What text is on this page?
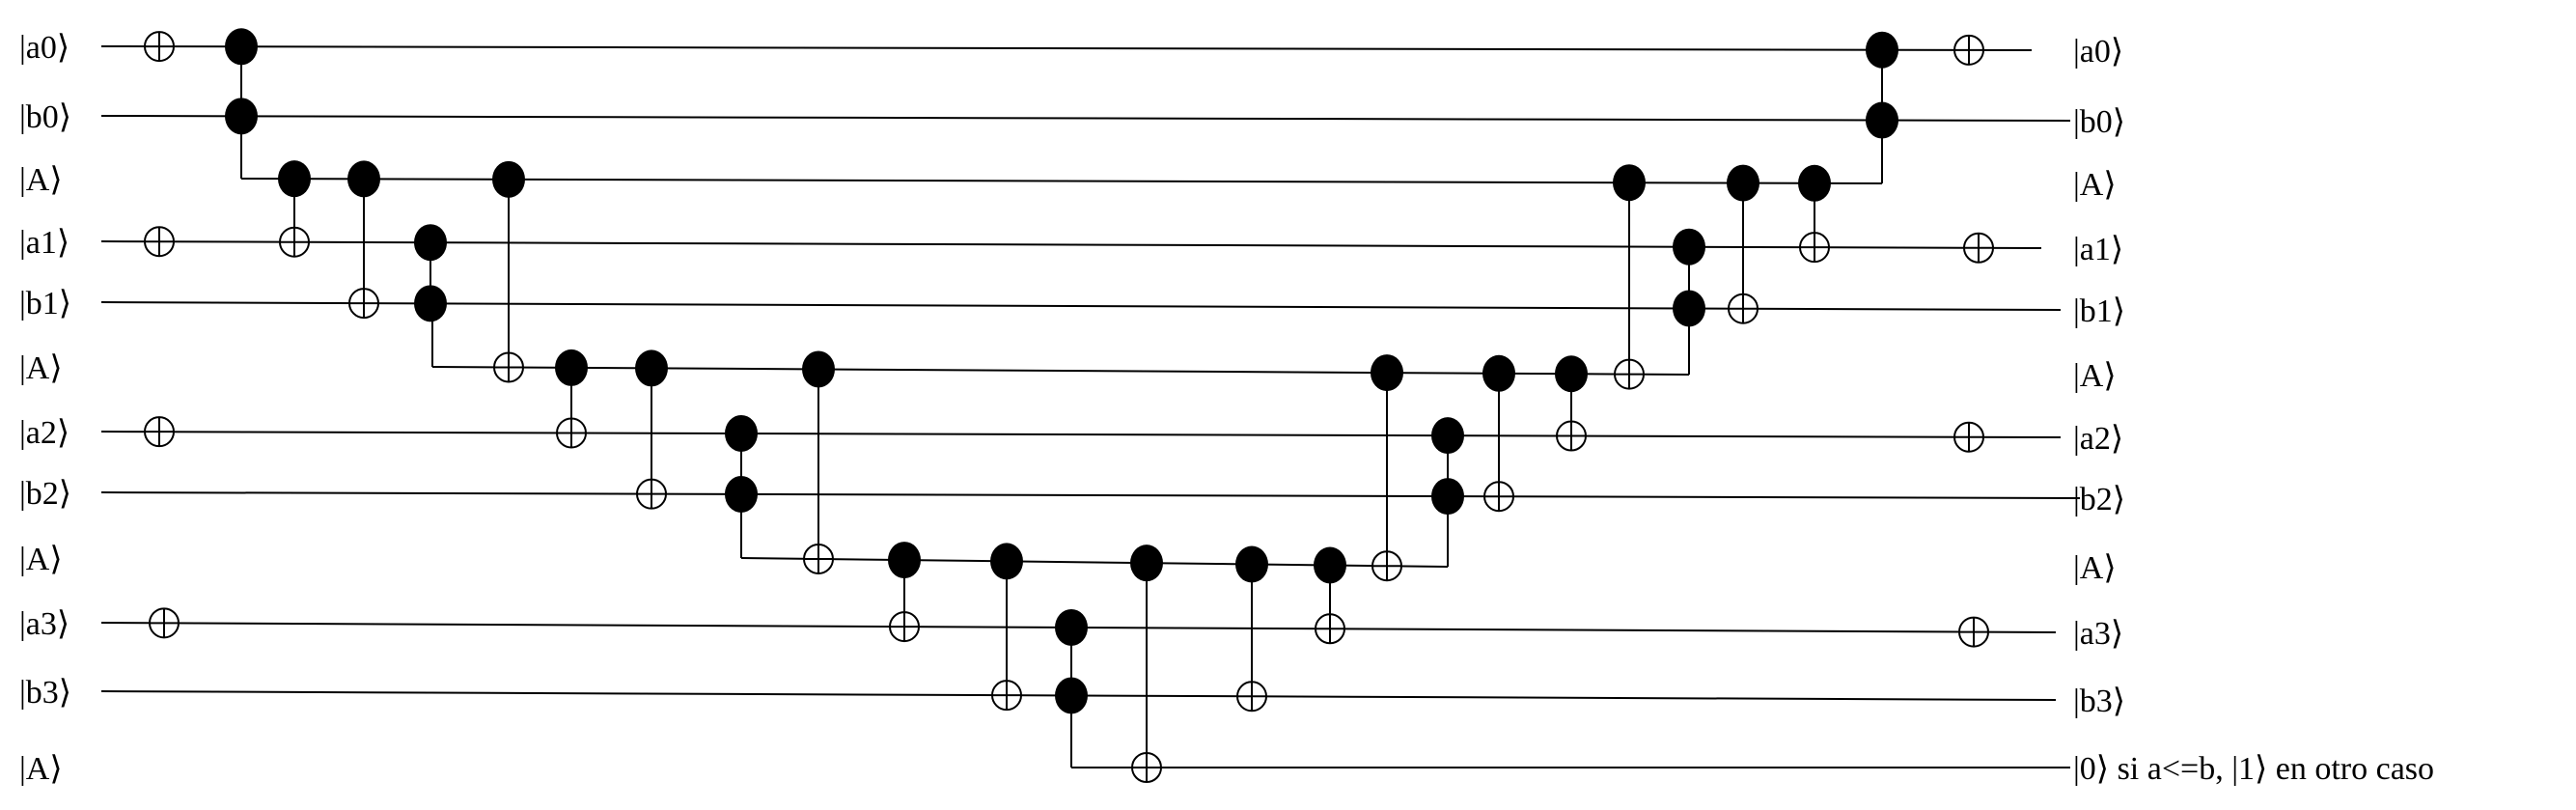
|a0⟩
|b0⟩
|A⟩
|a1⟩
|b1⟩
|A⟩
|a2⟩
|b2⟩
|A⟩
|a3⟩
|b3⟩
|A⟩
|a0⟩
|b0⟩
|A⟩
|a1⟩
|b1⟩
|A⟩
|a2⟩
|b2⟩
|A⟩
|a3⟩
|b3⟩
|0⟩ si a<=b, |1⟩ en otro caso
